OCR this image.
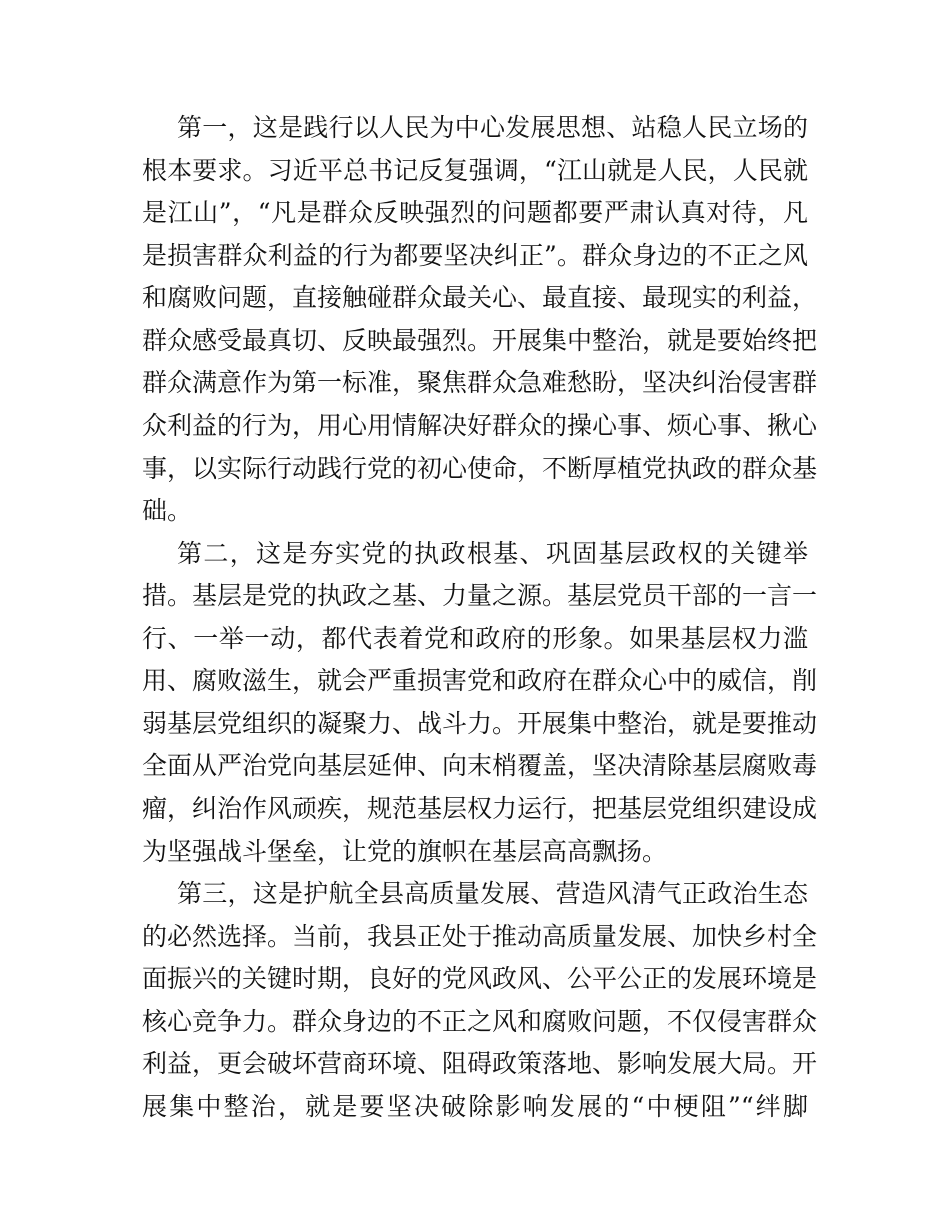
第一，这是践行以人民为中心发展思想、站稳人民立场的
根本要求。习近平总书记反复强调，“江山就是人民，人民就
是江山”，“凡是群众反映强烈的问题都要严肃认真对待，凡
是损害群众利益的行为都要坚决纠正”。群众身边的不正之风
和腐败问题，直接触碰群众最关心、最直接、最现实的利益，
群众感受最真切、反映最强烈。开展集中整治，就是要始终把
群众满意作为第一标准，聚焦群众急难愁盼，坚决纠治侵害群
众利益的行为，用心用情解决好群众的操心事、烦心事、揪心
事，以实际行动践行党的初心使命，不断厚植党执政的群众基
础。
第二，这是夯实党的执政根基、巩固基层政权的关键举
措。基层是党的执政之基、力量之源。基层党员干部的一言一
行、一举一动，都代表着党和政府的形象。如果基层权力滥
用、腐败滋生，就会严重损害党和政府在群众心中的威信，削
弱基层党组织的凝聚力、战斗力。开展集中整治，就是要推动
全面从严治党向基层延伸、向末梢覆盖，坚决清除基层腐败毒
瘤，纠治作风顽疾，规范基层权力运行，把基层党组织建设成
为坚强战斗堡垒，让党的旗帜在基层高高飘扬。
第三，这是护航全县高质量发展、营造风清气正政治生态
的必然选择。当前，我县正处于推动高质量发展、加快乡村全
面振兴的关键时期，良好的党风政风、公平公正的发展环境是
核心竞争力。群众身边的不正之风和腐败问题，不仅侵害群众
利益，更会破坏营商环境、阻碍政策落地、影响发展大局。开
展集中整治，就是要坚决破除影响发展的“中梗阻”“绊脚
